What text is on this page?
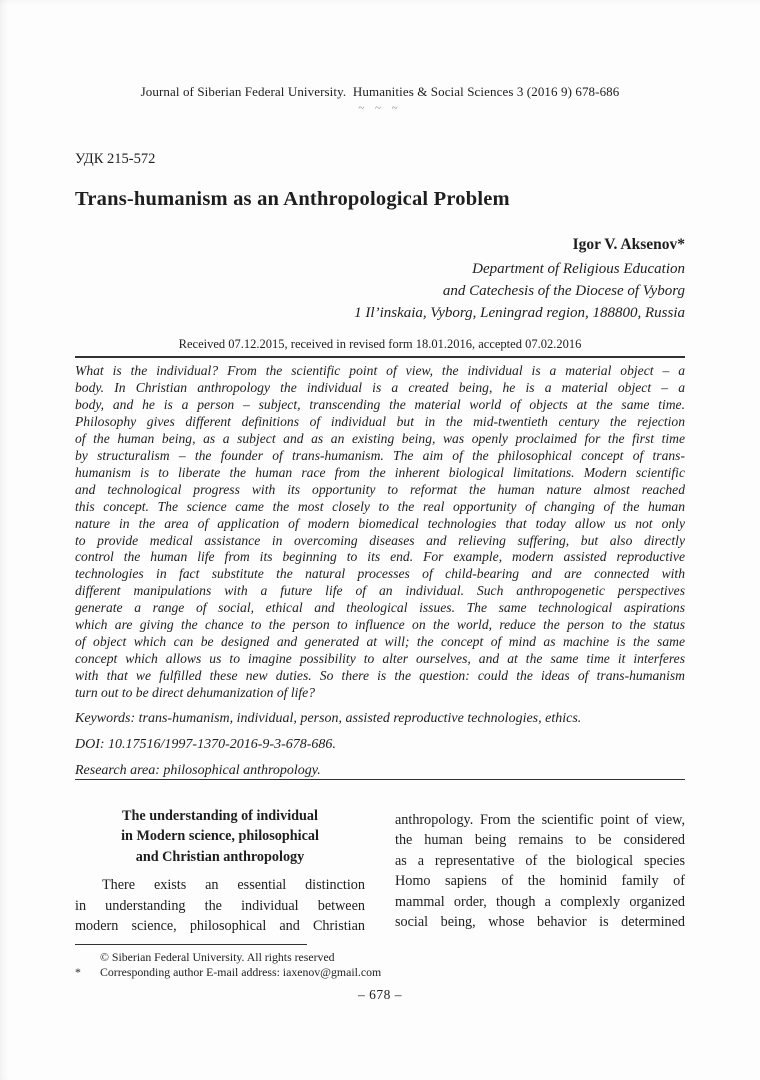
Journal of Siberian Federal University.  Humanities & Social Sciences 3 (2016 9) 678-686
~ ~ ~
УДК 215-572
Trans-humanism as an Anthropological Problem
Igor V. Aksenov*
Department of Religious Education
and Catechesis of the Diocese of Vyborg
1 Il’inskaia, Vyborg, Leningrad region, 188800, Russia
Received 07.12.2015, received in revised form 18.01.2016, accepted 07.02.2016
What is the individual? From the scientific point of view, the individual is a material object – a
body. In Christian anthropology the individual is a created being, he is a material object – a
body, and he is a person – subject, transcending the material world of objects at the same time.
Philosophy gives different definitions of individual but in the mid-twentieth century the rejection
of the human being, as a subject and as an existing being, was openly proclaimed for the first time
by structuralism – the founder of trans-humanism. The aim of the philosophical concept of trans-
humanism is to liberate the human race from the inherent biological limitations. Modern scientific
and technological progress with its opportunity to reformat the human nature almost reached
this concept. The science came the most closely to the real opportunity of changing of the human
nature in the area of application of modern biomedical technologies that today allow us not only
to provide medical assistance in overcoming diseases and relieving suffering, but also directly
control the human life from its beginning to its end. For example, modern assisted reproductive
technologies in fact substitute the natural processes of child-bearing and are connected with
different manipulations with a future life of an individual. Such anthropogenetic perspectives
generate a range of social, ethical and theological issues. The same technological aspirations
which are giving the chance to the person to influence on the world, reduce the person to the status
of object which can be designed and generated at will; the concept of mind as machine is the same
concept which allows us to imagine possibility to alter ourselves, and at the same time it interferes
with that we fulfilled these new duties. So there is the question: could the ideas of trans-humanism
turn out to be direct dehumanization of life?
Keywords: trans-humanism, individual, person, assisted reproductive technologies, ethics.
DOI: 10.17516/1997-1370-2016-9-3-678-686.
Research area: philosophical anthropology.
The understanding of individual
in Modern science, philosophical
and Christian anthropology
There exists an essential distinction
in understanding the individual between
modern science, philosophical and Christian
anthropology. From the scientific point of view,
the human being remains to be considered
as a representative of the biological species
Homo sapiens of the hominid family of
mammal order, though a complexly organized
social being, whose behavior is determined
© Siberian Federal University. All rights reserved
*	Corresponding author E-mail address: iaxenov@gmail.com
– 678 –
